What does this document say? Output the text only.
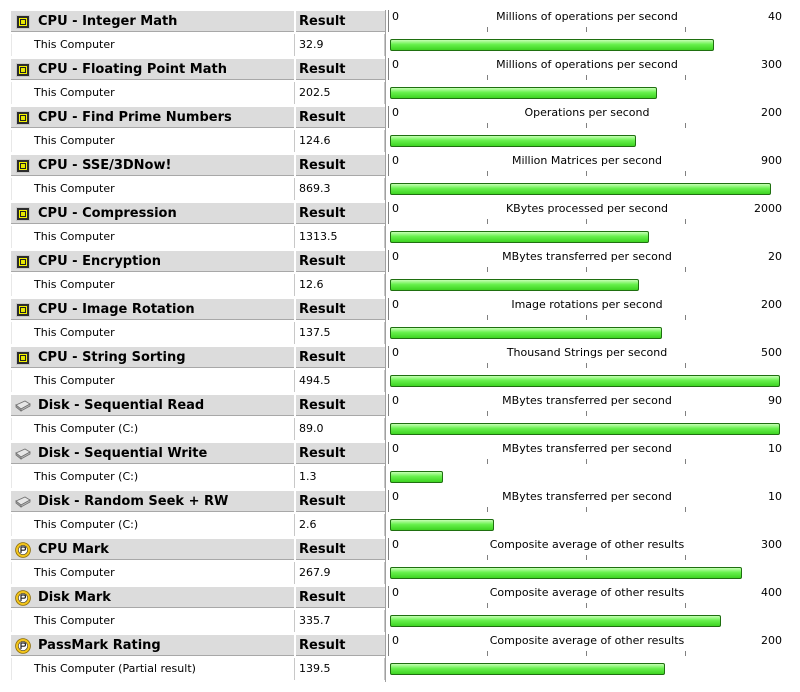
CPU - Integer Math	Result	0	Millions of operations per second	40
This Computer	32.9
CPU - Floating Point Math	Result	0	Millions of operations per second	300
This Computer	202.5
CPU - Find Prime Numbers	Result	0	Operations per second	200
This Computer	124.6
CPU - SSE/3DNow!	Result	0	Million Matrices per second	900
This Computer	869.3
CPU - Compression	Result	0	KBytes processed per second	2000
This Computer	1313.5
CPU - Encryption	Result	0	MBytes transferred per second	20
This Computer	12.6
CPU - Image Rotation	Result	0	Image rotations per second	200
This Computer	137.5
CPU - String Sorting	Result	0	Thousand Strings per second	500
This Computer	494.5
Disk - Sequential Read	Result	0	MBytes transferred per second	90
This Computer (C:)	89.0
Disk - Sequential Write	Result	0	MBytes transferred per second	10
This Computer (C:)	1.3
Disk - Random Seek + RW	Result	0	MBytes transferred per second	10
This Computer (C:)	2.6
CPU Mark	Result	0	Composite average of other results	300
This Computer	267.9
Disk Mark	Result	0	Composite average of other results	400
This Computer	335.7
PassMark Rating	Result	0	Composite average of other results	200
This Computer (Partial result)	139.5
